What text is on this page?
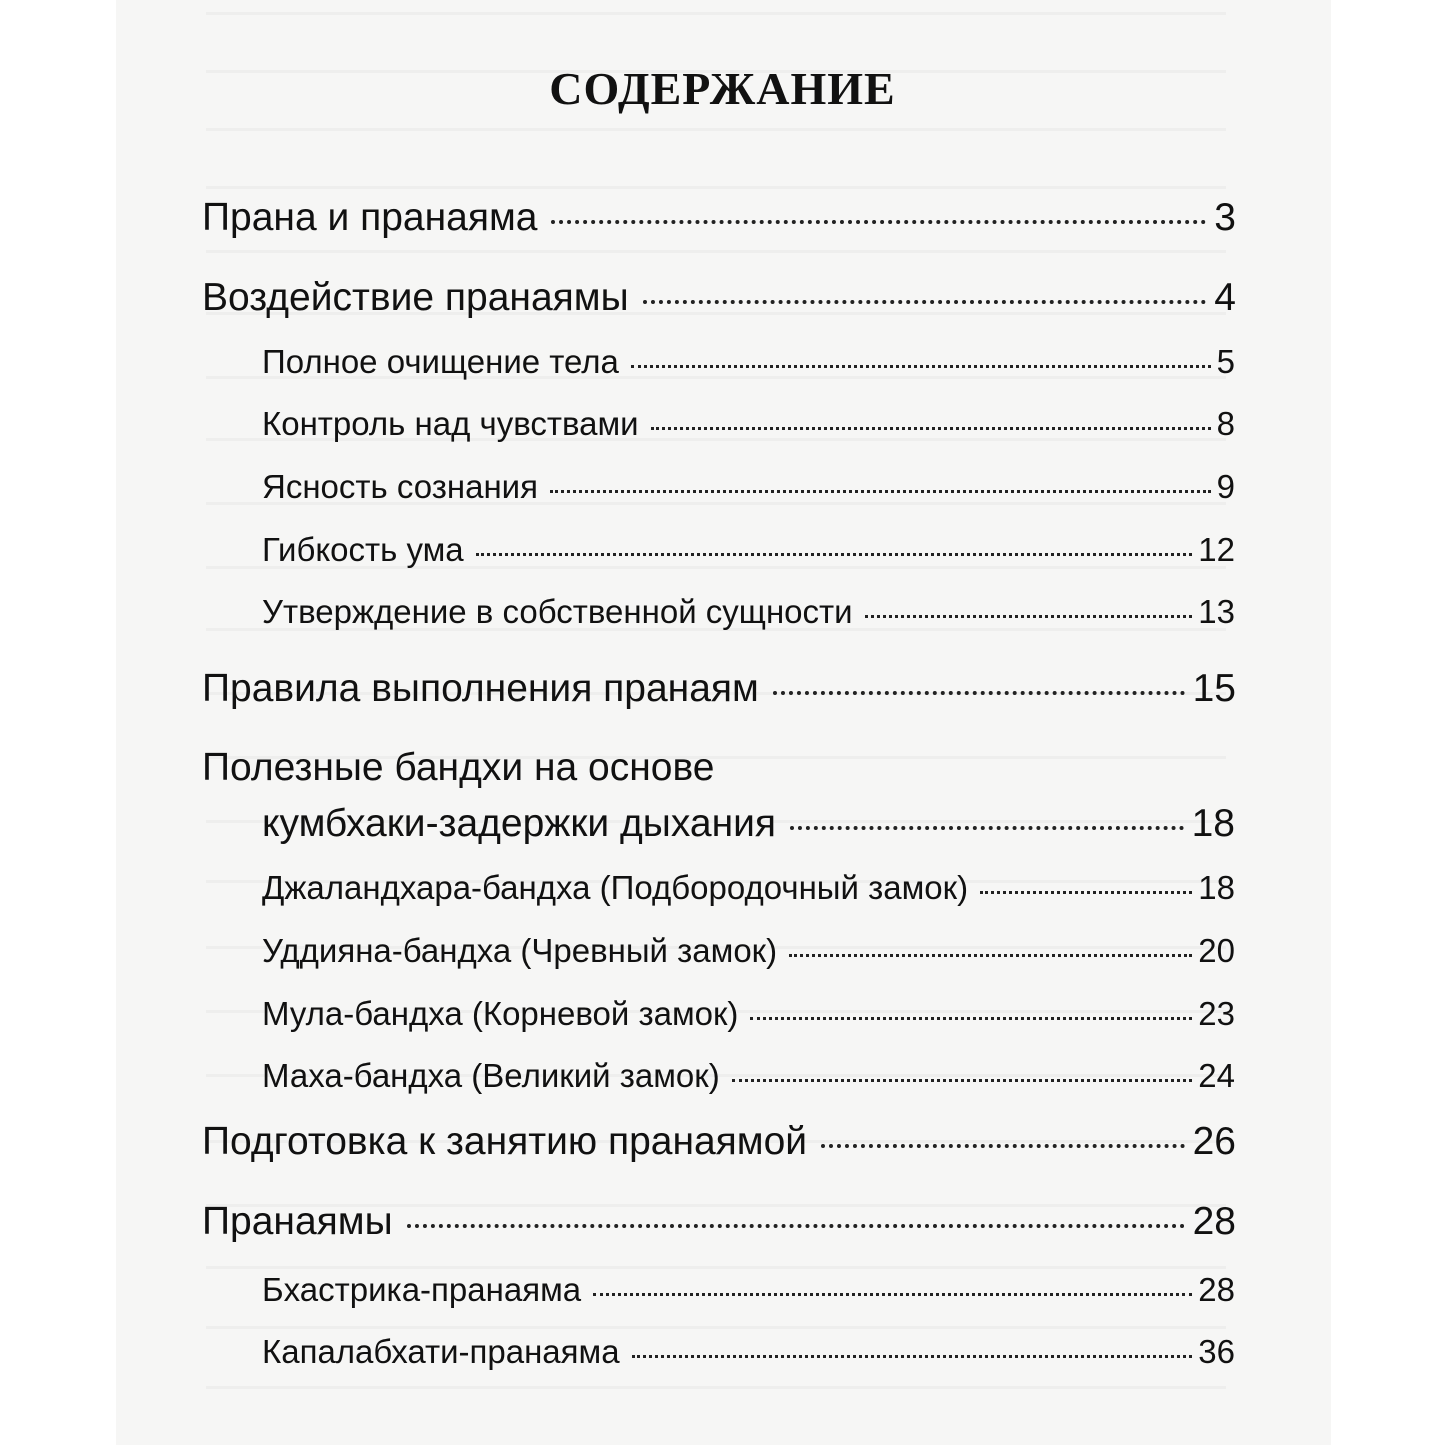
СОДЕРЖАНИЕ
Прана и пранаяма	3
Воздействие пранаямы	4
Полное очищение тела	5
Контроль над чувствами	8
Ясность сознания	9
Гибкость ума	12
Утверждение в собственной сущности	13
Правила выполнения пранаям	15
Полезные бандхи на основе
кумбхаки-задержки дыхания	18
Джаландхара-бандха (Подбородочный замок)	18
Уддияна-бандха (Чревный замок)	20
Мула-бандха (Корневой замок)	23
Маха-бандха (Великий замок)	24
Подготовка к занятию пранаямой	26
Пранаямы	28
Бхастрика-пранаяма	28
Капалабхати-пранаяма	36
